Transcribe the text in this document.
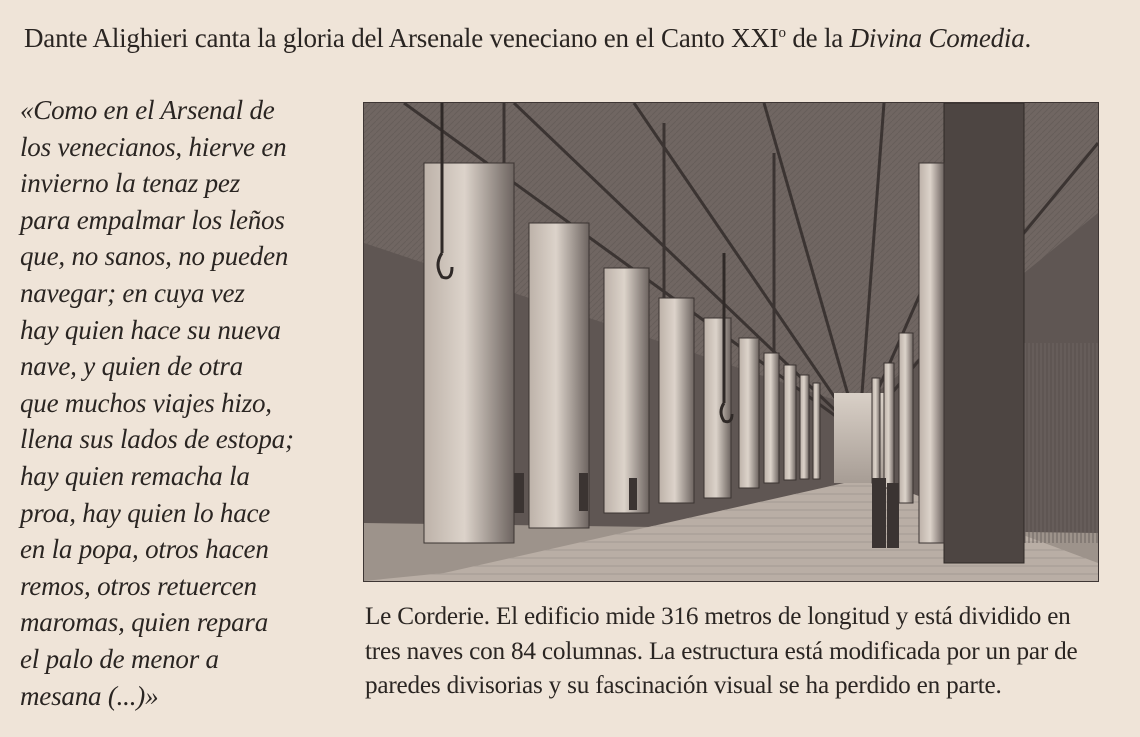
Dante Alighieri canta la gloria del Arsenale veneciano en el Canto XXI$^o$ de la Divina Comedia.
«Como en el Arsenal de
los venecianos, hierve en
invierno la tenaz pez
para empalmar los leños
que, no sanos, no pueden
navegar; en cuya vez
hay quien hace su nueva
nave, y quien de otra
que muchos viajes hizo,
llena sus lados de estopa;
hay quien remacha la
proa, hay quien lo hace
en la popa, otros hacen
remos, otros retuercen
maromas, quien repara
el palo de menor a
mesana (...)»
Le Corderie. El edificio mide 316 metros de longitud y está dividido en
tres naves con 84 columnas. La estructura está modificada por un par de
paredes divisorias y su fascinación visual se ha perdido en parte.
